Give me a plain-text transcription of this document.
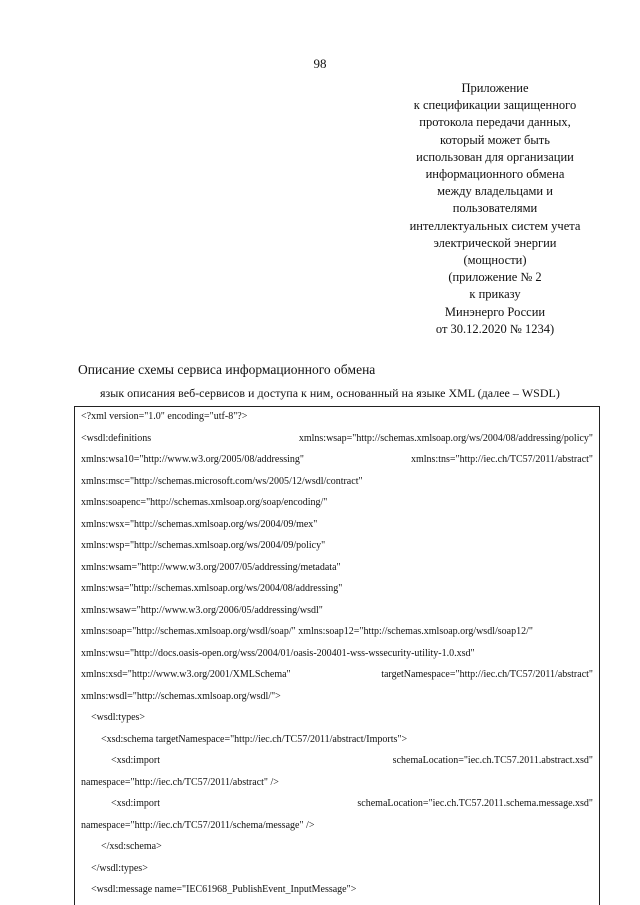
98
Приложение
к спецификации защищенного
протокола передачи данных,
который может быть
использован для организации
информационного обмена
между владельцами и
пользователями
интеллектуальных систем учета
электрической энергии
(мощности)
(приложение № 2
к приказу
Минэнерго России
от 30.12.2020 № 1234)
Описание схемы сервиса информационного обмена
язык описания веб-сервисов и доступа к ним, основанный на языке XML (далее – WSDL)
<?xml version="1.0" encoding="utf-8"?>
<wsdl:definitions	xmlns:wsap="http://schemas.xmlsoap.org/ws/2004/08/addressing/policy"
xmlns:wsa10="http://www.w3.org/2005/08/addressing"	xmlns:tns="http://iec.ch/TC57/2011/abstract"
xmlns:msc="http://schemas.microsoft.com/ws/2005/12/wsdl/contract"
xmlns:soapenc="http://schemas.xmlsoap.org/soap/encoding/"
xmlns:wsx="http://schemas.xmlsoap.org/ws/2004/09/mex"
xmlns:wsp="http://schemas.xmlsoap.org/ws/2004/09/policy"
xmlns:wsam="http://www.w3.org/2007/05/addressing/metadata"
xmlns:wsa="http://schemas.xmlsoap.org/ws/2004/08/addressing"
xmlns:wsaw="http://www.w3.org/2006/05/addressing/wsdl"
xmlns:soap="http://schemas.xmlsoap.org/wsdl/soap/" xmlns:soap12="http://schemas.xmlsoap.org/wsdl/soap12/"
xmlns:wsu="http://docs.oasis-open.org/wss/2004/01/oasis-200401-wss-wssecurity-utility-1.0.xsd"
xmlns:xsd="http://www.w3.org/2001/XMLSchema"	targetNamespace="http://iec.ch/TC57/2011/abstract"
xmlns:wsdl="http://schemas.xmlsoap.org/wsdl/">
<wsdl:types>
<xsd:schema targetNamespace="http://iec.ch/TC57/2011/abstract/Imports">
<xsd:import	schemaLocation="iec.ch.TC57.2011.abstract.xsd"
namespace="http://iec.ch/TC57/2011/abstract" />
<xsd:import	schemaLocation="iec.ch.TC57.2011.schema.message.xsd"
namespace="http://iec.ch/TC57/2011/schema/message" />
</xsd:schema>
</wsdl:types>
<wsdl:message name="IEC61968_PublishEvent_InputMessage">
